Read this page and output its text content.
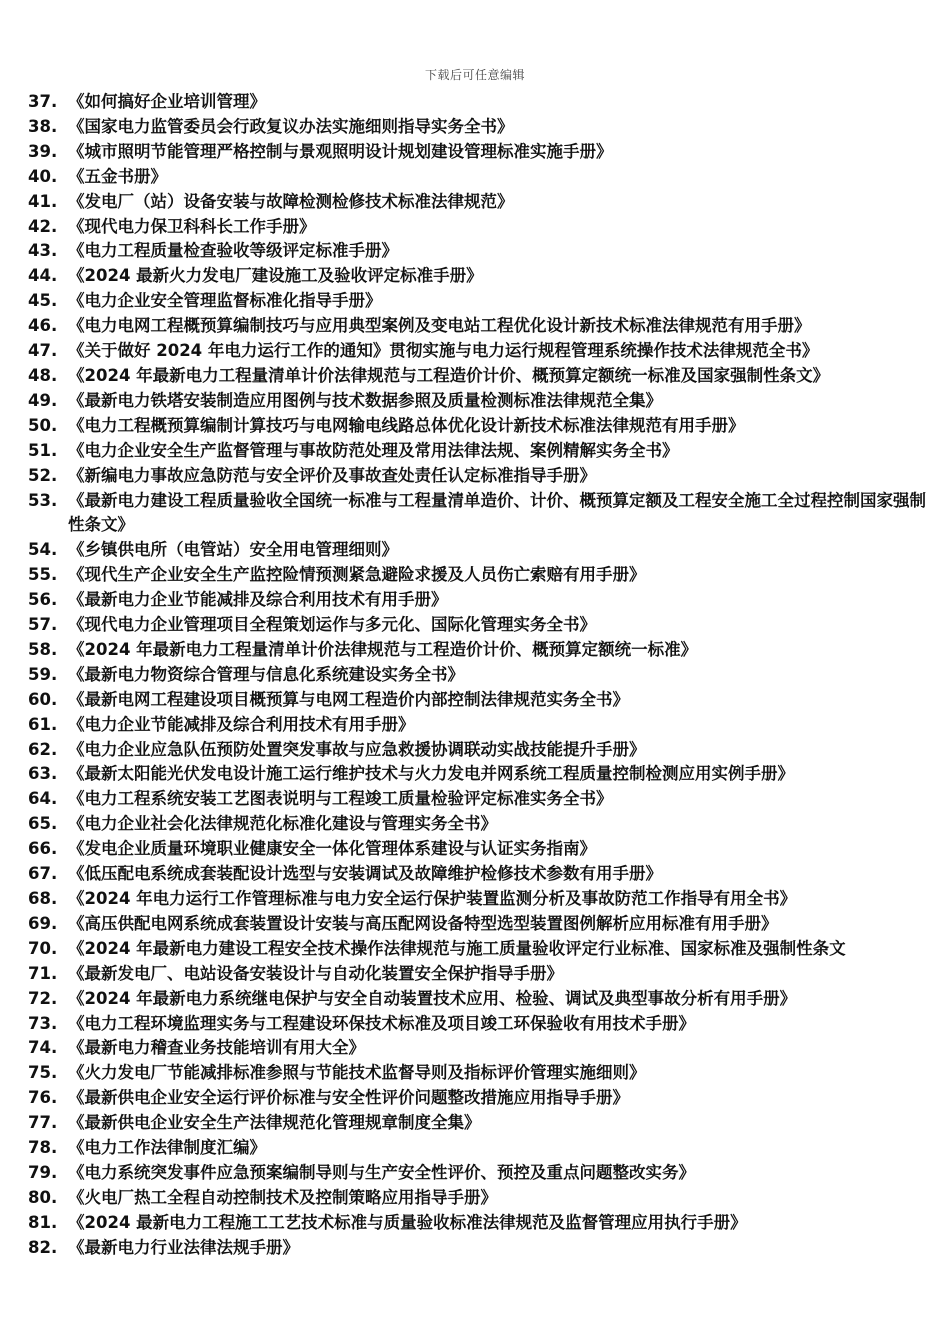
下载后可任意编辑
37. 《如何搞好企业培训管理》
38. 《国家电力监管委员会行政复议办法实施细则指导实务全书》
39. 《城市照明节能管理严格控制与景观照明设计规划建设管理标准实施手册》
40. 《五金书册》
41. 《发电厂（站）设备安装与故障检测检修技术标准法律规范》
42. 《现代电力保卫科科长工作手册》
43. 《电力工程质量检查验收等级评定标准手册》
44. 《2024 最新火力发电厂建设施工及验收评定标准手册》
45. 《电力企业安全管理监督标准化指导手册》
46. 《电力电网工程概预算编制技巧与应用典型案例及变电站工程优化设计新技术标准法律规范有用手册》
47. 《关于做好 2024 年电力运行工作的通知》贯彻实施与电力运行规程管理系统操作技术法律规范全书》
48. 《2024 年最新电力工程量清单计价法律规范与工程造价计价、概预算定额统一标准及国家强制性条文》
49. 《最新电力铁塔安装制造应用图例与技术数据参照及质量检测标准法律规范全集》
50. 《电力工程概预算编制计算技巧与电网输电线路总体优化设计新技术标准法律规范有用手册》
51. 《电力企业安全生产监督管理与事故防范处理及常用法律法规、案例精解实务全书》
52. 《新编电力事故应急防范与安全评价及事故查处责任认定标准指导手册》
53. 《最新电力建设工程质量验收全国统一标准与工程量清单造价、计价、概预算定额及工程安全施工全过程控制国家强制性条文》
54. 《乡镇供电所（电管站）安全用电管理细则》
55. 《现代生产企业安全生产监控险情预测紧急避险求援及人员伤亡索赔有用手册》
56. 《最新电力企业节能减排及综合利用技术有用手册》
57. 《现代电力企业管理项目全程策划运作与多元化、国际化管理实务全书》
58. 《2024 年最新电力工程量清单计价法律规范与工程造价计价、概预算定额统一标准》
59. 《最新电力物资综合管理与信息化系统建设实务全书》
60. 《最新电网工程建设项目概预算与电网工程造价内部控制法律规范实务全书》
61. 《电力企业节能减排及综合利用技术有用手册》
62. 《电力企业应急队伍预防处置突发事故与应急救援协调联动实战技能提升手册》
63. 《最新太阳能光伏发电设计施工运行维护技术与火力发电并网系统工程质量控制检测应用实例手册》
64. 《电力工程系统安装工艺图表说明与工程竣工质量检验评定标准实务全书》
65. 《电力企业社会化法律规范化标准化建设与管理实务全书》
66. 《发电企业质量环境职业健康安全一体化管理体系建设与认证实务指南》
67. 《低压配电系统成套装配设计选型与安装调试及故障维护检修技术参数有用手册》
68. 《2024 年电力运行工作管理标准与电力安全运行保护装置监测分析及事故防范工作指导有用全书》
69. 《高压供配电网系统成套装置设计安装与高压配网设备特型选型装置图例解析应用标准有用手册》
70. 《2024 年最新电力建设工程安全技术操作法律规范与施工质量验收评定行业标准、国家标准及强制性条文
71. 《最新发电厂、电站设备安装设计与自动化装置安全保护指导手册》
72. 《2024 年最新电力系统继电保护与安全自动装置技术应用、检验、调试及典型事故分析有用手册》
73. 《电力工程环境监理实务与工程建设环保技术标准及项目竣工环保验收有用技术手册》
74. 《最新电力稽查业务技能培训有用大全》
75. 《火力发电厂节能减排标准参照与节能技术监督导则及指标评价管理实施细则》
76. 《最新供电企业安全运行评价标准与安全性评价问题整改措施应用指导手册》
77. 《最新供电企业安全生产法律规范化管理规章制度全集》
78. 《电力工作法律制度汇编》
79. 《电力系统突发事件应急预案编制导则与生产安全性评价、预控及重点问题整改实务》
80. 《火电厂热工全程自动控制技术及控制策略应用指导手册》
81. 《2024 最新电力工程施工工艺技术标准与质量验收标准法律规范及监督管理应用执行手册》
82. 《最新电力行业法律法规手册》
